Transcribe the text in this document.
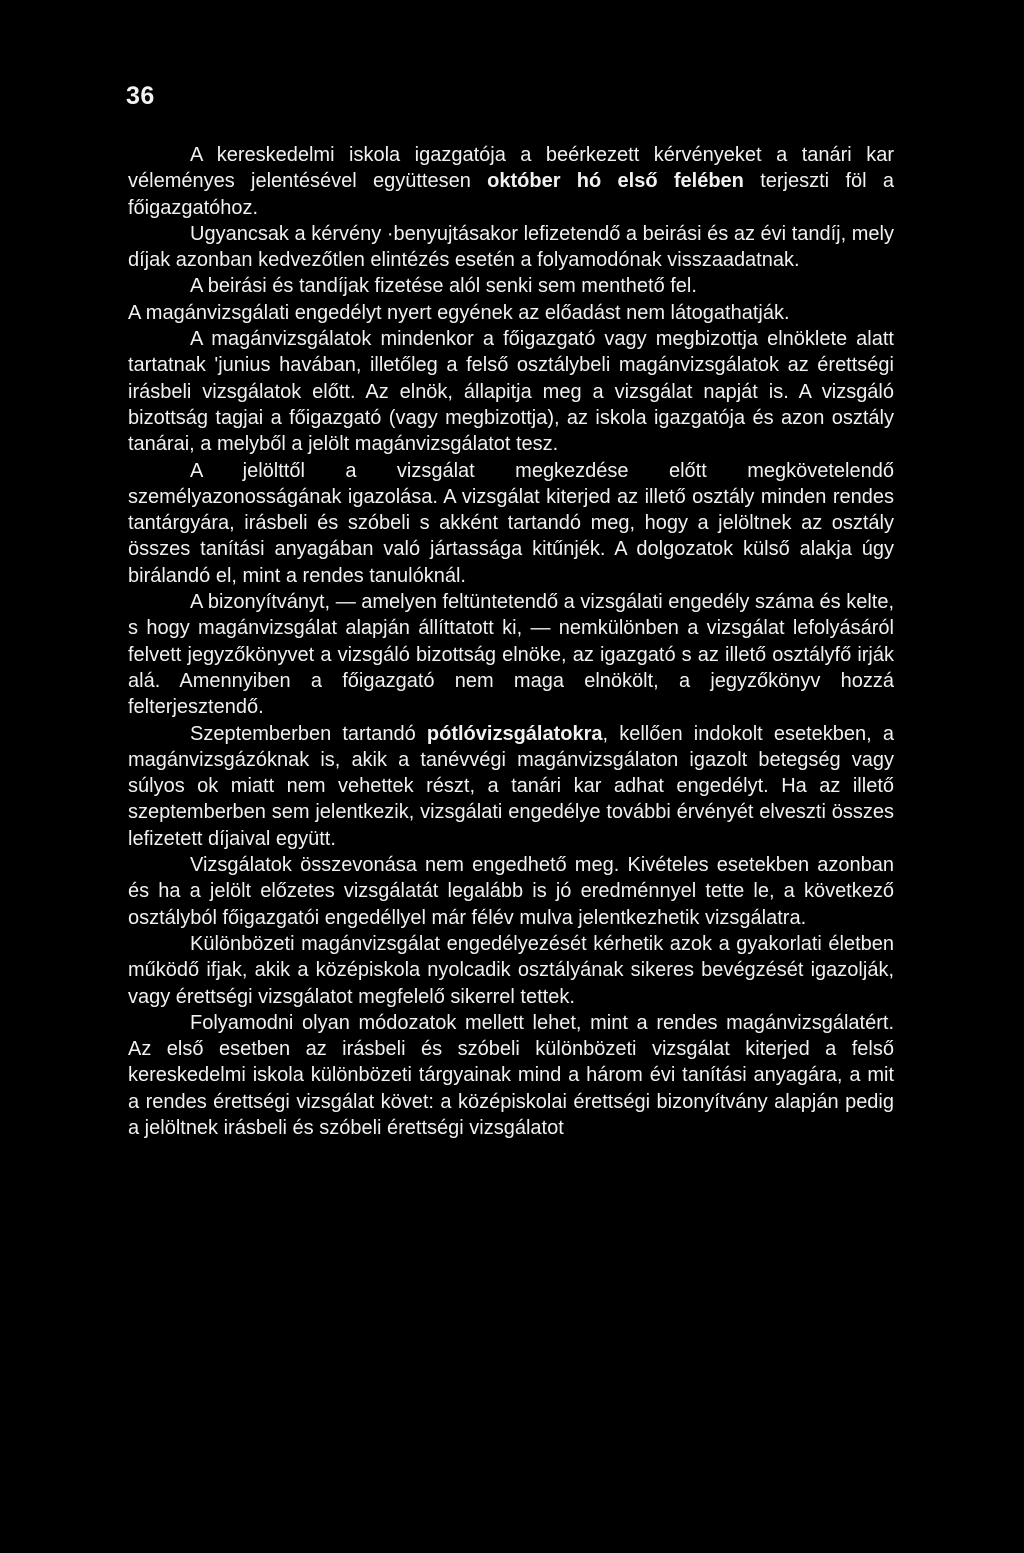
36

A kereskedelmi iskola igazgatója a beérkezett kérvényeket a tanári kar véleményes jelentésével együttesen október hó első felében terjeszti föl a főigazgatóhoz.

Ugyancsak a kérvény ·benyujtásakor lefizetendő a beirási és az évi tandíj, mely díjak azonban kedvezőtlen elintézés esetén a folyamodónak visszaadatnak.

A beirási és tandíjak fizetése alól senki sem menthető fel.

A magánvizsgálati engedélyt nyert egyének az előadást nem látogathatják.

A magánvizsgálatok mindenkor a főigazgató vagy megbizottja elnöklete alatt tartatnak 'junius havában, illetőleg a felső osztálybeli magánvizsgálatok az érettségi irásbeli vizsgálatok előtt. Az elnök, állapitja meg a vizsgálat napját is. A vizsgáló bizottság tagjai a főigazgató (vagy megbizottja), az iskola igazgatója és azon osztály tanárai, a melyből a jelölt magánvizsgálatot tesz.

A jelölttől a vizsgálat megkezdése előtt megkövetelendő személyazonosságának igazolása. A vizsgálat kiterjed az illető osztály minden rendes tantárgyára, irásbeli és szóbeli s akként tartandó meg, hogy a jelöltnek az osztály összes tanítási anyagában való jártassága kitűnjék. A dolgozatok külső alakja úgy birálandó el, mint a rendes tanulóknál.

A bizonyítványt, — amelyen feltüntetendő a vizsgálati engedély száma és kelte, s hogy magánvizsgálat alapján állíttatott ki, — nemkülönben a vizsgálat lefolyásáról felvett jegyzőkönyvet a vizsgáló bizottság elnöke, az igazgató s az illető osztályfő irják alá. Amennyiben a főigazgató nem maga elnökölt, a jegyzőkönyv hozzá felterjesztendő.

Szeptemberben tartandó pótlóvizsgálatokra, kellően indokolt esetekben, a magánvizsgázóknak is, akik a tanévvégi magánvizsgálaton igazolt betegség vagy súlyos ok miatt nem vehettek részt, a tanári kar adhat engedélyt. Ha az illető szeptemberben sem jelentkezik, vizsgálati engedélye további érvényét elveszti összes lefizetett díjaival együtt.

Vizsgálatok összevonása nem engedhető meg. Kivételes esetekben azonban és ha a jelölt előzetes vizsgálatát legalább is jó eredménnyel tette le, a következő osztályból főigazgatói engedéllyel már félév mulva jelentkezhetik vizsgálatra.

Különbözeti magánvizsgálat engedélyezését kérhetik azok a gyakorlati életben működő ifjak, akik a középiskola nyolcadik osztályának sikeres bevégzését igazolják, vagy érettségi vizsgálatot megfelelő sikerrel tettek.

Folyamodni olyan módozatok mellett lehet, mint a rendes magánvizsgálatért. Az első esetben az irásbeli és szóbeli különbözeti vizsgálat kiterjed a felső kereskedelmi iskola különbözeti tárgyainak mind a három évi tanítási anyagára, a mit a rendes érettségi vizsgálat követ: a középiskolai érettségi bizonyítvány alapján pedig a jelöltnek irásbeli és szóbeli érettségi vizsgálatot
